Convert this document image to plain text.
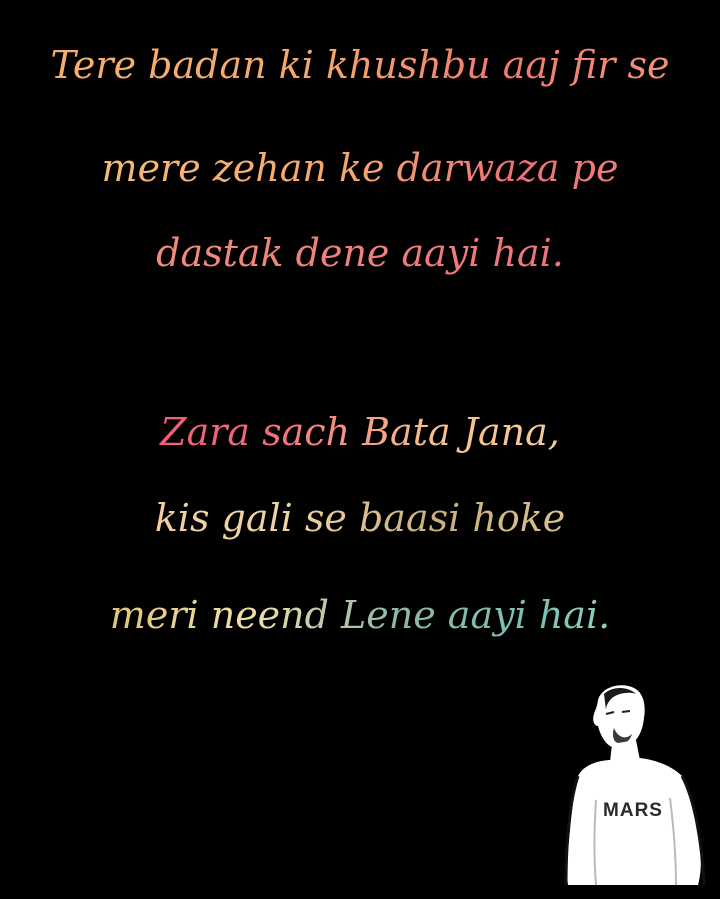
Tere badan ki khushbu aaj fir se
mere zehan ke darwaza pe
dastak dene aayi hai.
Zara sach Bata Jana,
kis gali se baasi hoke
meri neend Lene aayi hai.
MARS
